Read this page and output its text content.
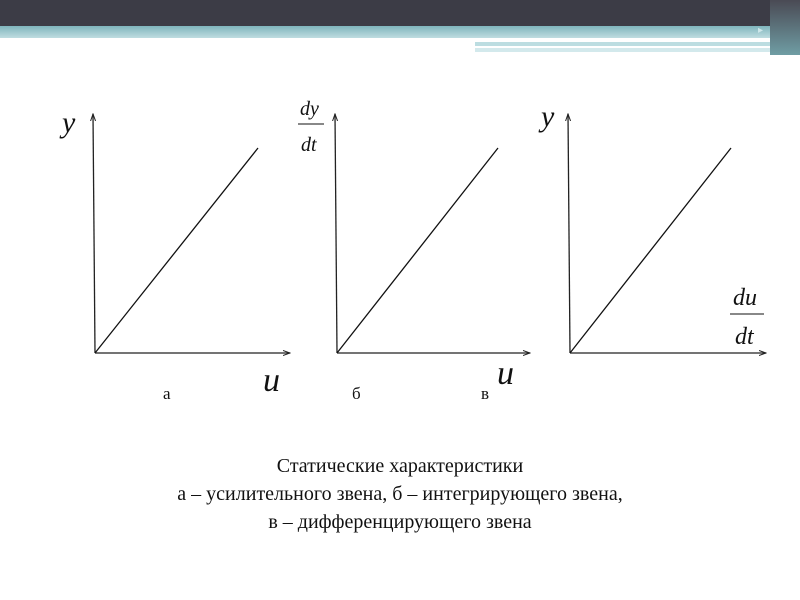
▸
y
u
dy
dt
u
y
du
dt
а	б	в
Статические характеристики
а – усилительного звена, б – интегрирующего звена,
в – дифференцирующего звена
